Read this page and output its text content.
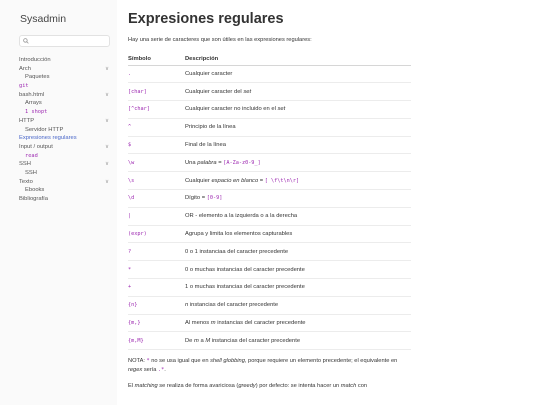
Sysadmin
Introducción
Arch	∨
Paquetes
git
bash.html	∨
Arrays
1 shopt
HTTP	∨
Servidor HTTP
Expresiones regulares
Input / output	∨
read
SSH	∨
SSH
Texto	∨
Ebooks
Bibliografía
Expresiones regulares

Hay una serie de caracteres que son útiles en las expresiones regulares:

Símbolo	Descripción
.	Cualquier caracter
[char]	Cualquier caracter del set
[^char]	Cualquier caracter no incluido en el set
^	Principio de la línea
$	Final de la línea
\w	Una palabra = [A-Za-z0-9_]
\s	Cualquier espacio en blanco = [ \f\t\n\r]
\d	Dígito = [0-9]
|	OR - elemento a la izquierda o a la derecha
(expr)	Agrupa y limita los elementos capturables
?	0 o 1 instanciaa del caracter precedente
*	0 o muchas instancias del caracter precedente
+	1 o muchas instancias del caracter precedente
{n}	n instancias del caracter precedente
{m,}	Al menos m instancias del caracter precedente
{m,M}	De m a M instancias del caracter precedente

NOTA: * no se usa igual que en shell globbing, porque requiere un elemento precedente; el equivalente en regex sería .*.

El matching se realiza de forma avariciosa (greedy) por defecto: se intenta hacer un match con
